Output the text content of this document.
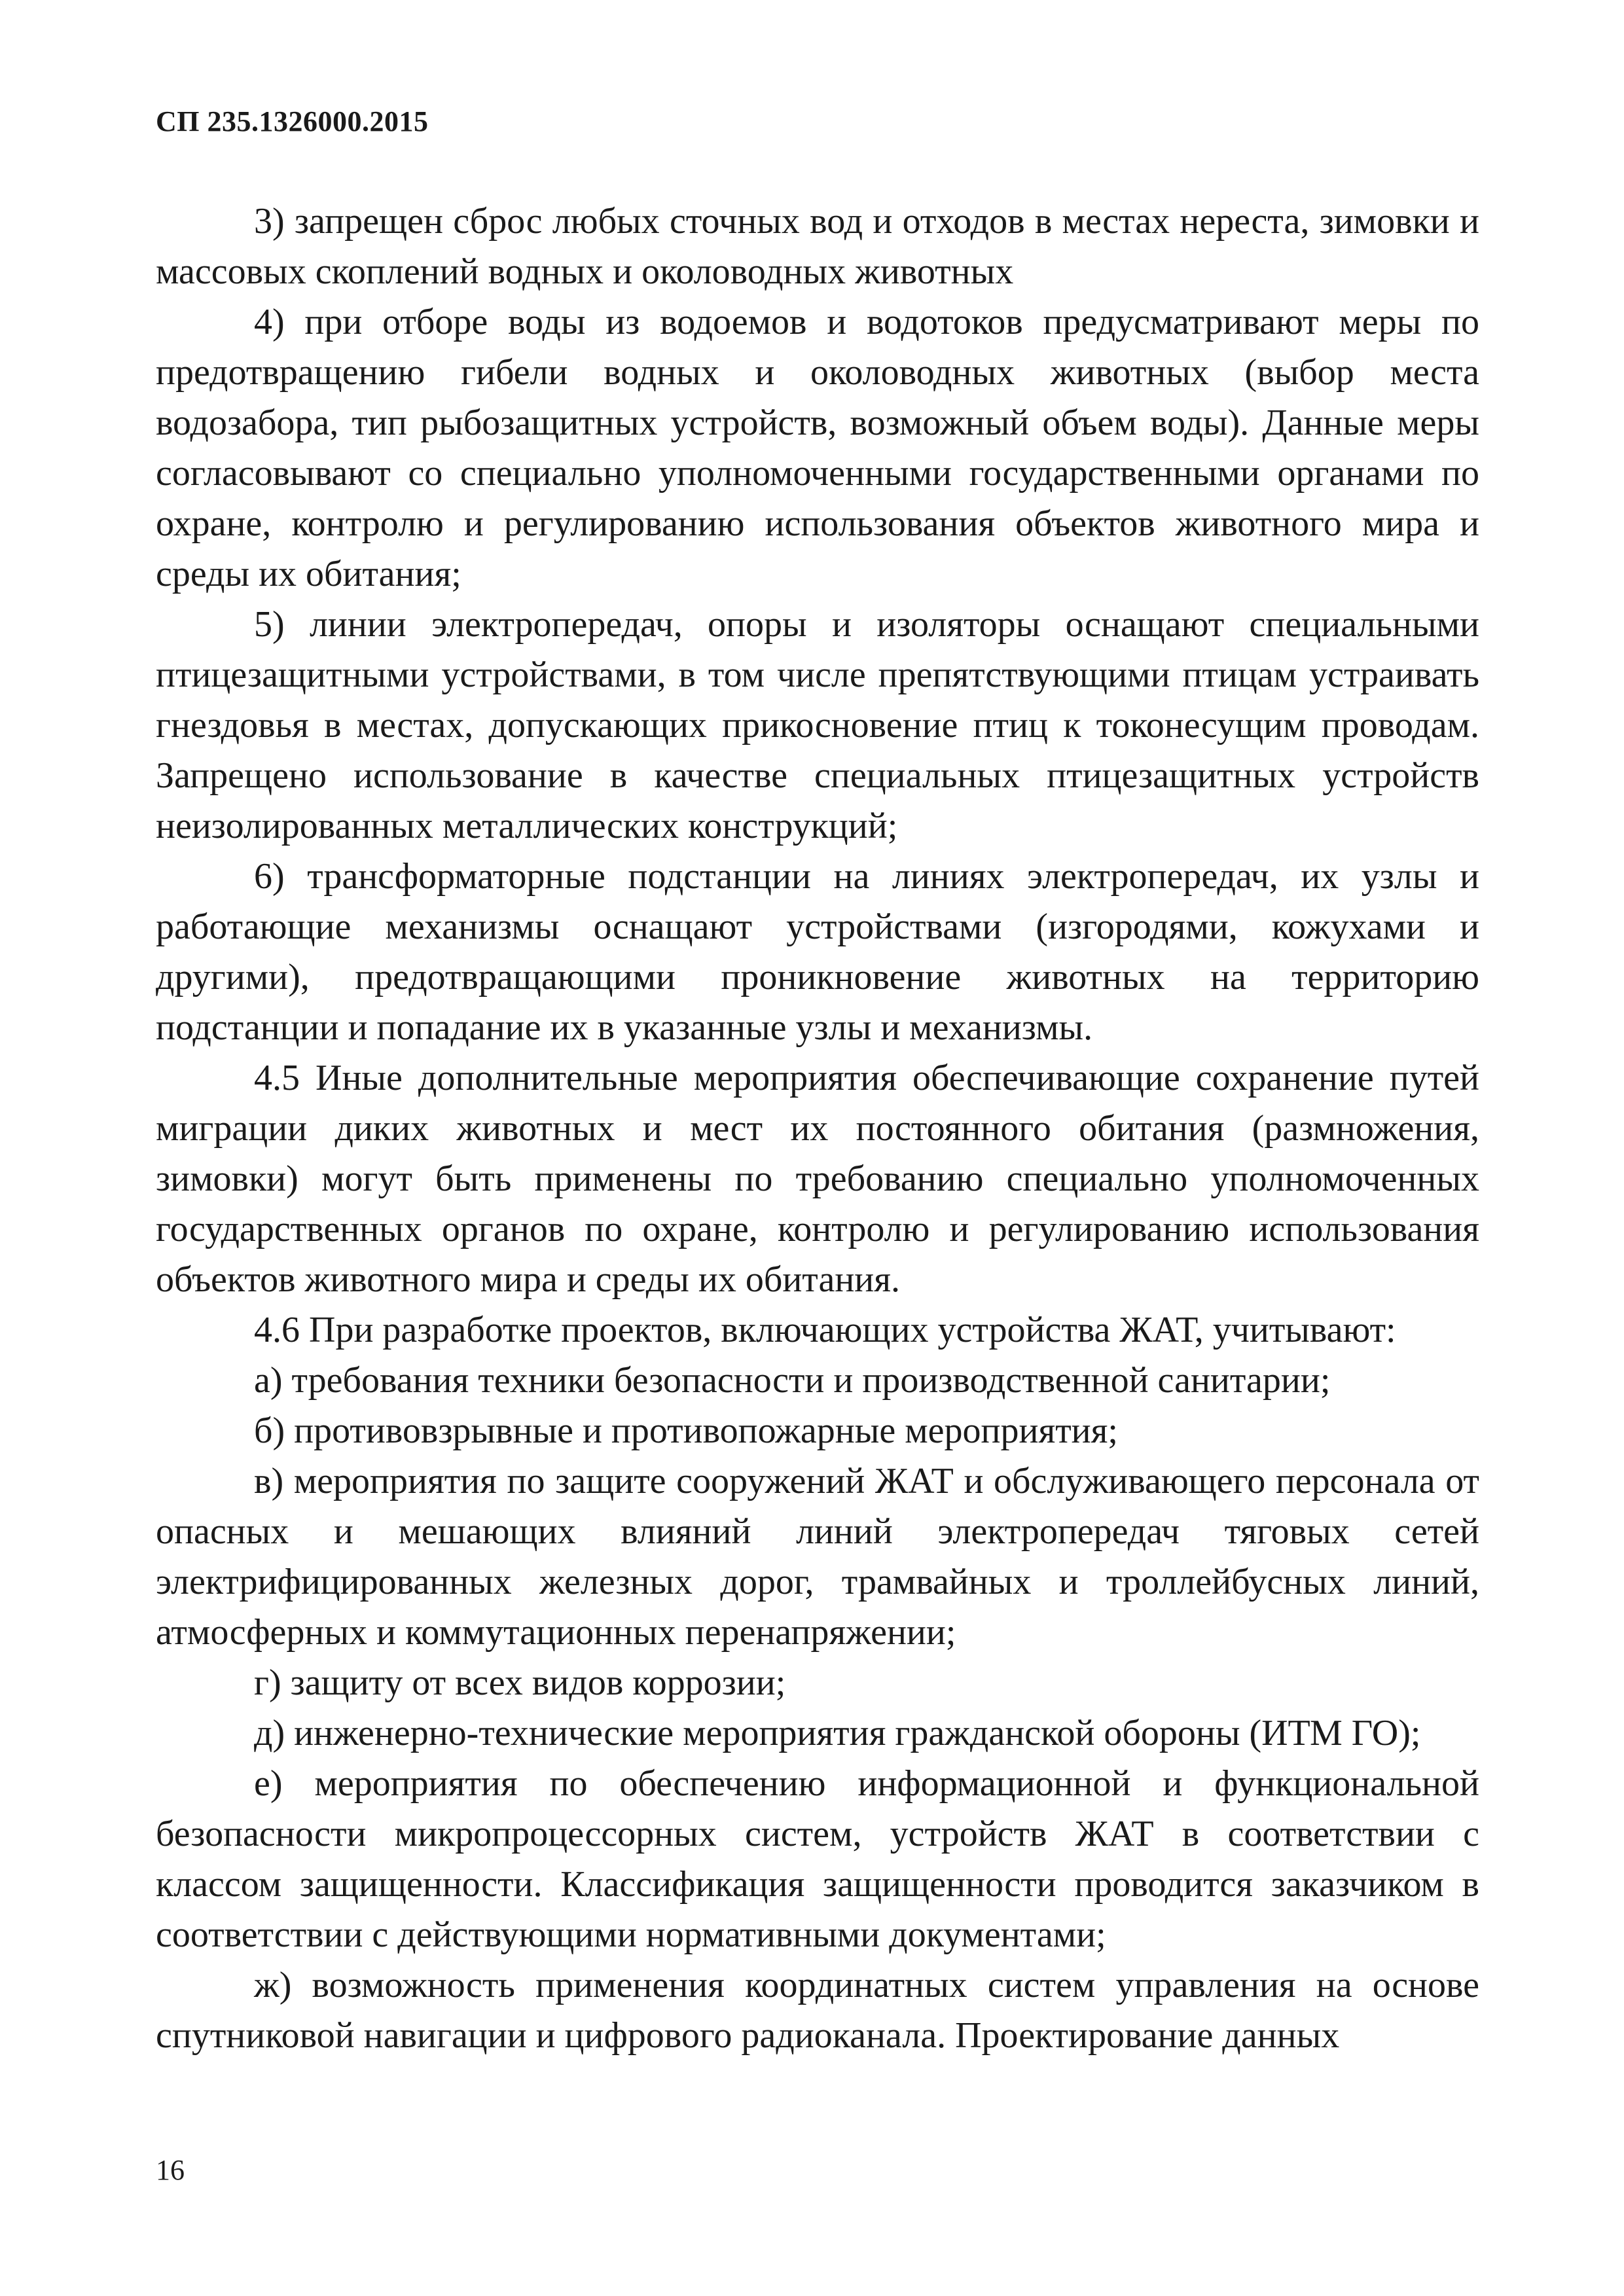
СП 235.1326000.2015

3) запрещен сброс любых сточных вод и отходов в местах нереста, зимовки и массовых скоплений водных и околоводных животных

4) при отборе воды из водоемов и водотоков предусматривают меры по предотвращению гибели водных и околоводных животных (выбор места водозабора, тип рыбозащитных устройств, возможный объем воды). Данные меры согласовывают со специально уполномоченными государственными органами по охране, контролю и регулированию использования объектов животного мира и среды их обитания;

5) линии электропередач, опоры и изоляторы оснащают специальными птицезащитными устройствами, в том числе препятствующими птицам устраивать гнездовья в местах, допускающих прикосновение птиц к токонесущим проводам. Запрещено использование в качестве специальных птицезащитных устройств неизолированных металлических конструкций;

6) трансформаторные подстанции на линиях электропередач, их узлы и работающие механизмы оснащают устройствами (изгородями, кожухами и другими), предотвращающими проникновение животных на территорию подстанции и попадание их в указанные узлы и механизмы.

4.5 Иные дополнительные мероприятия обеспечивающие сохранение путей миграции диких животных и мест их постоянного обитания (размножения, зимовки) могут быть применены по требованию специально уполномоченных государственных органов по охране, контролю и регулированию использования объектов животного мира и среды их обитания.

4.6 При разработке проектов, включающих устройства ЖАТ, учитывают:

а) требования техники безопасности и производственной санитарии;

б) противовзрывные и противопожарные мероприятия;

в) мероприятия по защите сооружений ЖАТ и обслуживающего персонала от опасных и мешающих влияний линий электропередач тяговых сетей электрифицированных железных дорог, трамвайных и троллейбусных линий, атмосферных и коммутационных перенапряжении;

г) защиту от всех видов коррозии;

д) инженерно-технические мероприятия гражданской обороны (ИТМ ГО);

е) мероприятия по обеспечению информационной и функциональной безопасности микропроцессорных систем, устройств ЖАТ в соответствии с классом защищенности. Классификация защищенности проводится заказчиком в соответствии с действующими нормативными документами;

ж) возможность применения координатных систем управления на основе спутниковой навигации и цифрового радиоканала. Проектирование данных

16
